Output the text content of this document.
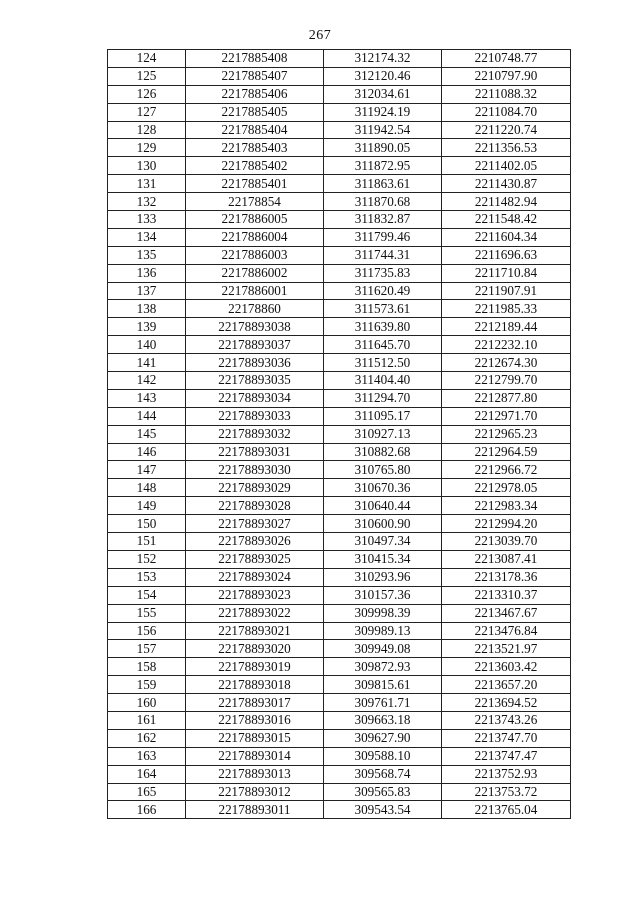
267
124	2217885408	312174.32	2210748.77
125	2217885407	312120.46	2210797.90
126	2217885406	312034.61	2211088.32
127	2217885405	311924.19	2211084.70
128	2217885404	311942.54	2211220.74
129	2217885403	311890.05	2211356.53
130	2217885402	311872.95	2211402.05
131	2217885401	311863.61	2211430.87
132	22178854	311870.68	2211482.94
133	2217886005	311832.87	2211548.42
134	2217886004	311799.46	2211604.34
135	2217886003	311744.31	2211696.63
136	2217886002	311735.83	2211710.84
137	2217886001	311620.49	2211907.91
138	22178860	311573.61	2211985.33
139	22178893038	311639.80	2212189.44
140	22178893037	311645.70	2212232.10
141	22178893036	311512.50	2212674.30
142	22178893035	311404.40	2212799.70
143	22178893034	311294.70	2212877.80
144	22178893033	311095.17	2212971.70
145	22178893032	310927.13	2212965.23
146	22178893031	310882.68	2212964.59
147	22178893030	310765.80	2212966.72
148	22178893029	310670.36	2212978.05
149	22178893028	310640.44	2212983.34
150	22178893027	310600.90	2212994.20
151	22178893026	310497.34	2213039.70
152	22178893025	310415.34	2213087.41
153	22178893024	310293.96	2213178.36
154	22178893023	310157.36	2213310.37
155	22178893022	309998.39	2213467.67
156	22178893021	309989.13	2213476.84
157	22178893020	309949.08	2213521.97
158	22178893019	309872.93	2213603.42
159	22178893018	309815.61	2213657.20
160	22178893017	309761.71	2213694.52
161	22178893016	309663.18	2213743.26
162	22178893015	309627.90	2213747.70
163	22178893014	309588.10	2213747.47
164	22178893013	309568.74	2213752.93
165	22178893012	309565.83	2213753.72
166	22178893011	309543.54	2213765.04
